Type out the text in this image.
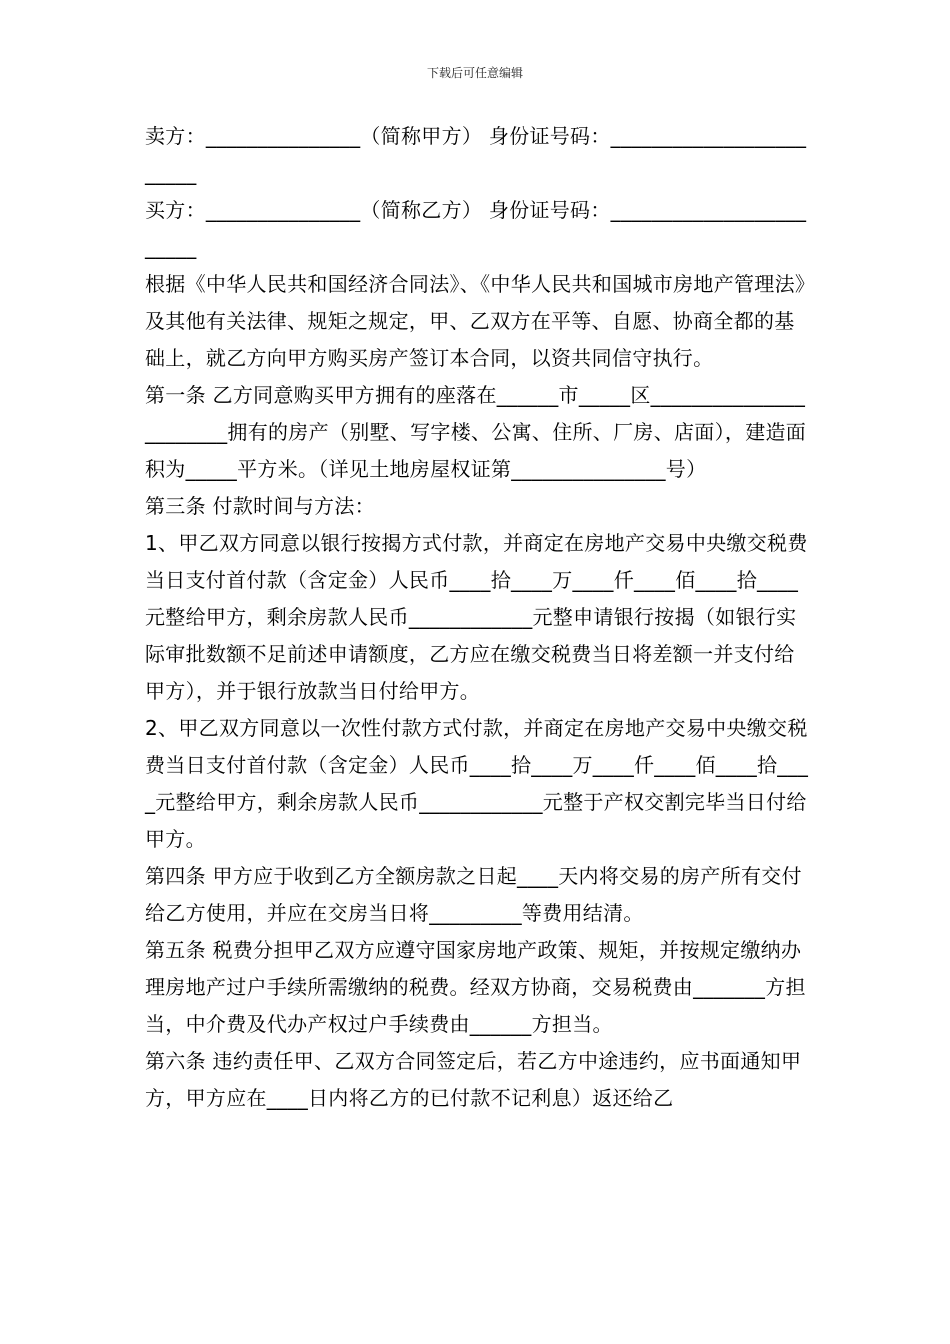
下载后可任意编辑

卖方：_______________（简称甲方） 身份证号码：________________________

买方：_______________（简称乙方） 身份证号码：________________________

根据《中华人民共和国经济合同法》、《中华人民共和国城市房地产管理法》及其他有关法律、规矩之规定，甲、乙双方在平等、自愿、协商全都的基础上，就乙方向甲方购买房产签订本合同，以资共同信守执行。

第一条 乙方同意购买甲方拥有的座落在______市_____区_______________________拥有的房产（别墅、写字楼、公寓、住所、厂房、店面），建造面积为_____平方米。（详见土地房屋权证第_______________号）

第三条 付款时间与方法：

1、甲乙双方同意以银行按揭方式付款，并商定在房地产交易中央缴交税费当日支付首付款（含定金）人民币____拾____万____仟____佰____拾____元整给甲方，剩余房款人民币____________元整申请银行按揭（如银行实际审批数额不足前述申请额度，乙方应在缴交税费当日将差额一并支付给甲方），并于银行放款当日付给甲方。

2、甲乙双方同意以一次性付款方式付款，并商定在房地产交易中央缴交税费当日支付首付款（含定金）人民币____拾____万____仟____佰____拾____元整给甲方，剩余房款人民币____________元整于产权交割完毕当日付给甲方。

第四条 甲方应于收到乙方全额房款之日起____天内将交易的房产所有交付给乙方使用，并应在交房当日将_________等费用结清。

第五条 税费分担甲乙双方应遵守国家房地产政策、规矩，并按规定缴纳办理房地产过户手续所需缴纳的税费。经双方协商，交易税费由_______方担当，中介费及代办产权过户手续费由______方担当。

第六条 违约责任甲、乙双方合同签定后，若乙方中途违约，应书面通知甲方，甲方应在____日内将乙方的已付款不记利息）返还给乙
